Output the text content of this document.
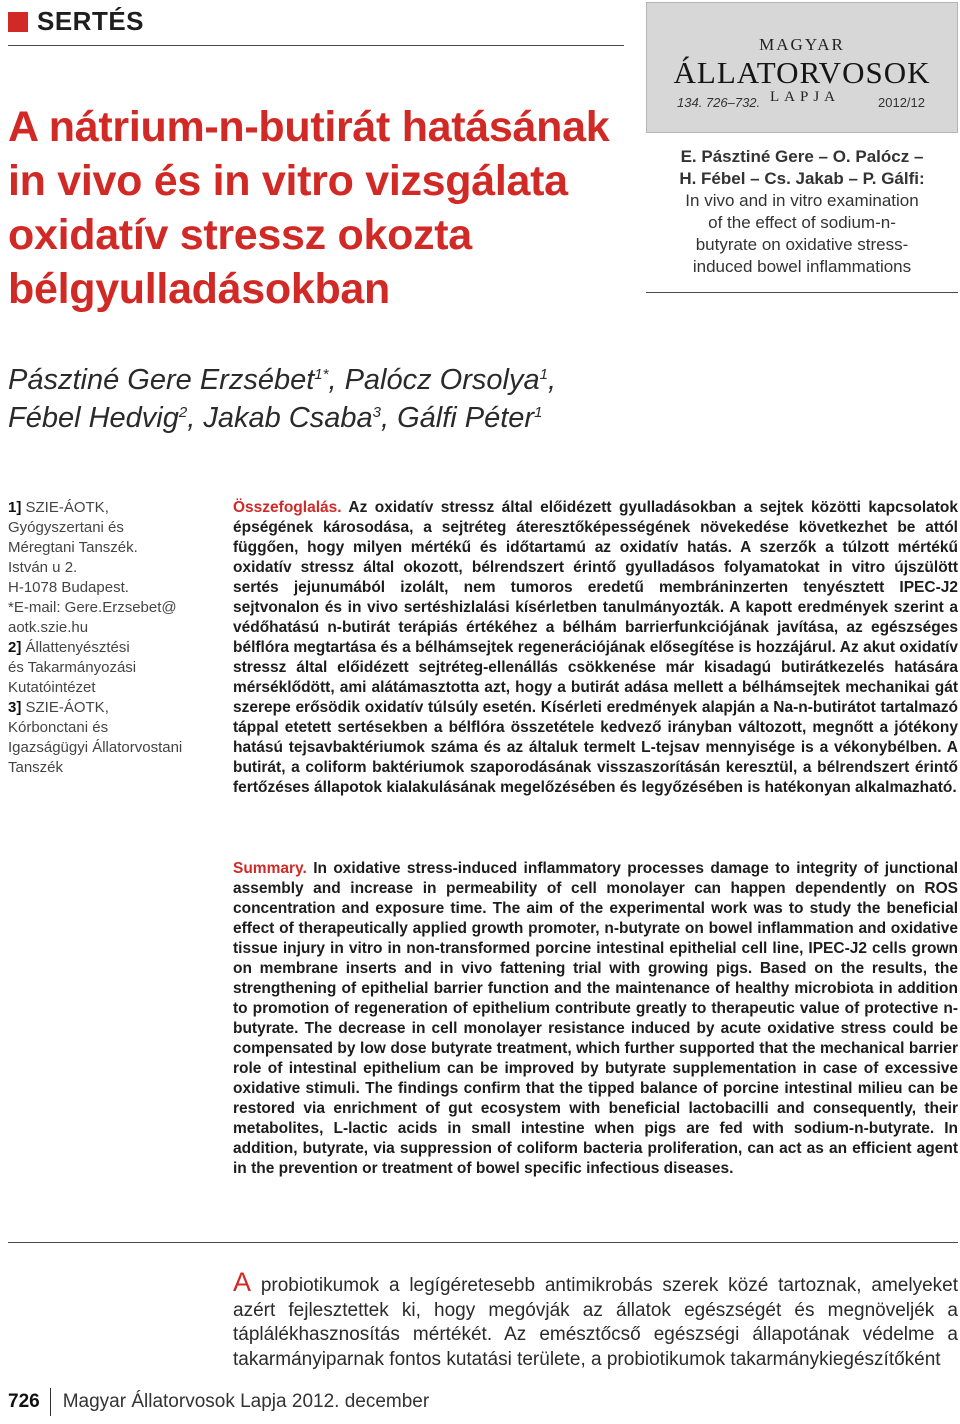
SERTÉS
A nátrium-n-butirát hatásának
in vivo és in vitro vizsgálata
oxidatív stressz okozta
bélgyulladásokban
MAGYAR
ÁLLATORVOSOK
LAPJA
134. 726–732.	2012/12
E. Pásztiné Gere – O. Palócz –
H. Fébel – Cs. Jakab – P. Gálfi:
In vivo and in vitro examination
of the effect of sodium-n-
butyrate on oxidative stress-
induced bowel inflammations
Pásztiné Gere Erzsébet$^{1*}$, Palócz Orsolya$^1$,
Fébel Hedvig$^2$, Jakab Csaba$^3$, Gálfi Péter$^1$
1] SZIE-ÁOTK,
Gyógyszertani és
Méregtani Tanszék.
István u 2.
H-1078 Budapest.
*E-mail: Gere.Erzsebet@
aotk.szie.hu
2] Állattenyésztési
és Takarmányozási
Kutatóintézet
3] SZIE-ÁOTK,
Kórbonctani és
Igazságügyi Állatorvostani
Tanszék

Összefoglalás. Az oxidatív stressz által előidézett gyulladásokban a sejtek közötti kapcsolatok épségének károsodása, a sejtréteg áteresztőképességének növekedése következhet be attól függően, hogy milyen mértékű és időtartamú az oxidatív hatás. A szerzők a túlzott mértékű oxidatív stressz által okozott, bélrendszert érintő gyulladásos folyamatokat in vitro újszülött sertés jejunumából izolált, nem tumoros eredetű membráninzerten tenyésztett IPEC-J2 sejtvonalon és in vivo sertéshizlalási kísérletben tanulmányozták. A kapott eredmények szerint a védőhatású n-butirát terápiás értékéhez a bélhám barrierfunkciójának javítása, az egészséges bélflóra megtartása és a bélhámsejtek regenerációjának elősegítése is hozzájárul. Az akut oxidatív stressz által előidézett sejtréteg-ellenállás csökkenése már kisadagú butirátkezelés hatására mérséklődött, ami alátámasztotta azt, hogy a butirát adása mellett a bélhámsejtek mechanikai gát szerepe erősödik oxidatív túlsúly esetén. Kísérleti eredmények alapján a Na-n-butirátot tartalmazó táppal etetett sertésekben a bélflóra összetétele kedvező irányban változott, megnőtt a jótékony hatású tejsavbaktériumok száma és az általuk termelt L-tejsav mennyisége is a vékonybélben. A butirát, a coliform baktériumok szaporodásának visszaszorításán keresztül, a bélrendszert érintő fertőzéses állapotok kialakulásának megelőzésében és legyőzésében is hatékonyan alkalmazható.

Summary. In oxidative stress-induced inflammatory processes damage to integrity of junctional assembly and increase in permeability of cell monolayer can happen dependently on ROS concentration and exposure time. The aim of the experimental work was to study the beneficial effect of therapeutically applied growth promoter, n-butyrate on bowel inflammation and oxidative tissue injury in vitro in non-transformed porcine intestinal epithelial cell line, IPEC-J2 cells grown on membrane inserts and in vivo fattening trial with growing pigs. Based on the results, the strengthening of epithelial barrier function and the maintenance of healthy microbiota in addition to promotion of regeneration of epithelium contribute greatly to therapeutic value of protective n-butyrate. The decrease in cell monolayer resistance induced by acute oxidative stress could be compensated by low dose butyrate treatment, which further supported that the mechanical barrier role of intestinal epithelium can be improved by butyrate supplementation in case of excessive oxidative stimuli. The findings confirm that the tipped balance of porcine intestinal milieu can be restored via enrichment of gut ecosystem with beneficial lactobacilli and consequently, their metabolites, L-lactic acids in small intestine when pigs are fed with sodium-n-butyrate. In addition, butyrate, via suppression of coliform bacteria proliferation, can act as an efficient agent in the prevention or treatment of bowel specific infectious diseases.

A probiotikumok a legígéretesebb antimikrobás szerek közé tartoznak, amelyeket azért fejlesztettek ki, hogy megóvják az állatok egészségét és megnöveljék a táplálékhasznosítás mértékét. Az emésztőcső egészségi állapotának védelme a takarmányiparnak fontos kutatási területe, a probiotikumok takarmánykiegészítőként

726 Magyar Állatorvosok Lapja 2012. december
